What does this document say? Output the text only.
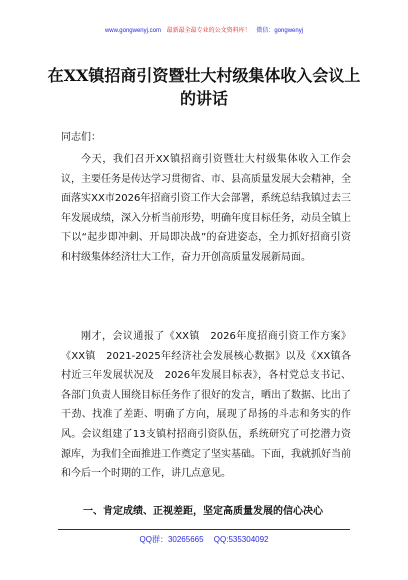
www.gongwenyj.com 最新最全最专业的公文资料库！ 微信：gongwenyj
在XX镇招商引资暨壮大村级集体收入会议上的讲话

同志们：

今天，我们召开XX镇招商引资暨壮大村级集体收入工作会议，主要任务是传达学习贯彻省、市、县高质量发展大会精神，全面落实XX市2026年招商引资工作大会部署，系统总结我镇过去三年发展成绩，深入分析当前形势，明确年度目标任务，动员全镇上下以“起步即冲刺、开局即决战”的奋进姿态，全力抓好招商引资和村级集体经济壮大工作，奋力开创高质量发展新局面。

刚才，会议通报了《XX镇　2026年度招商引资工作方案》《XX镇　2021-2025年经济社会发展核心数据》以及《XX镇各村近三年发展状况及　2026年发展目标表》，各村党总支书记、各部门负责人围绕目标任务作了很好的发言，晒出了数据、比出了干劲、找准了差距、明确了方向，展现了昂扬的斗志和务实的作风。会议组建了13支镇村招商引资队伍，系统研究了可挖潜力资源库，为我们全面推进工作奠定了坚实基础。下面，我就抓好当前和今后一个时期的工作，讲几点意见。

一、肯定成绩、正视差距，坚定高质量发展的信心决心

QQ群：30265665 QQ:535304092
